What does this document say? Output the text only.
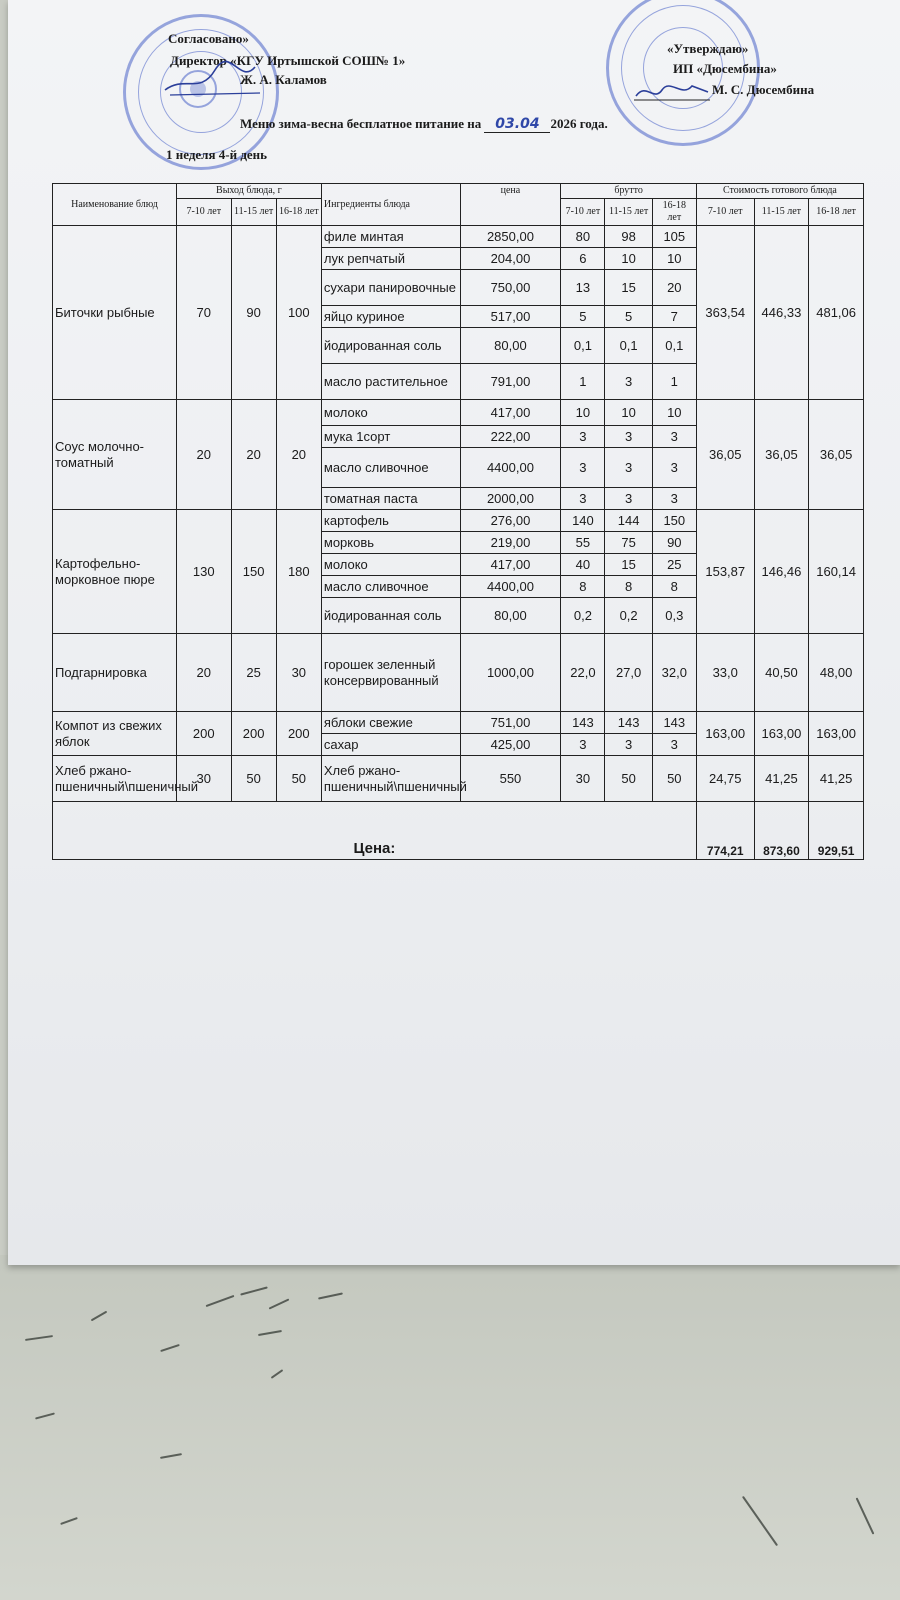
Согласовано»
Директор «КГУ Иртышской СОШ№ 1»
Ж. А. Каламов
«Утверждаю»
ИП «Дюсембина»
М. С. Дюсембина
Меню зима-весна бесплатное питание на 03.04 2026 года.
1 неделя 4-й день
Наименование блюд	Выход блюда, г			Ингредиенты блюда	цена	брутто			Стоимость готового блюда		
	7-10 лет	11-15 лет	16-18 лет			7-10 лет	11-15 лет	16-18 лет	7-10 лет	11-15 лет	16-18 лет
Биточки рыбные	70	90	100	филе минтая	2850,00	80	98	105	363,54	446,33	481,06
				лук репчатый	204,00	6	10	10			
				сухари панировочные	750,00	13	15	20			
				яйцо куриное	517,00	5	5	7			
				йодированная соль	80,00	0,1	0,1	0,1			
				масло растительное	791,00	1	3	1			
Соус молочно-томатный	20	20	20	молоко	417,00	10	10	10	36,05	36,05	36,05
				мука 1сорт	222,00	3	3	3			
				масло сливочное	4400,00	3	3	3			
				томатная паста	2000,00	3	3	3			
Картофельно-морковное пюре	130	150	180	картофель	276,00	140	144	150	153,87	146,46	160,14
				морковь	219,00	55	75	90			
				молоко	417,00	40	15	25			
				масло сливочное	4400,00	8	8	8			
				йодированная соль	80,00	0,2	0,2	0,3			
Подгарнировка	20	25	30	горошек зеленный консервированный	1000,00	22,0	27,0	32,0	33,0	40,50	48,00
Компот из свежих яблок	200	200	200	яблоки свежие	751,00	143	143	143	163,00	163,00	163,00
				сахар	425,00	3	3	3			
Хлеб ржано-пшеничный\пшеничный	30	50	50	Хлеб ржано-пшеничный\пшеничный	550	30	50	50	24,75	41,25	41,25
Цена:									774,21	873,60	929,51
